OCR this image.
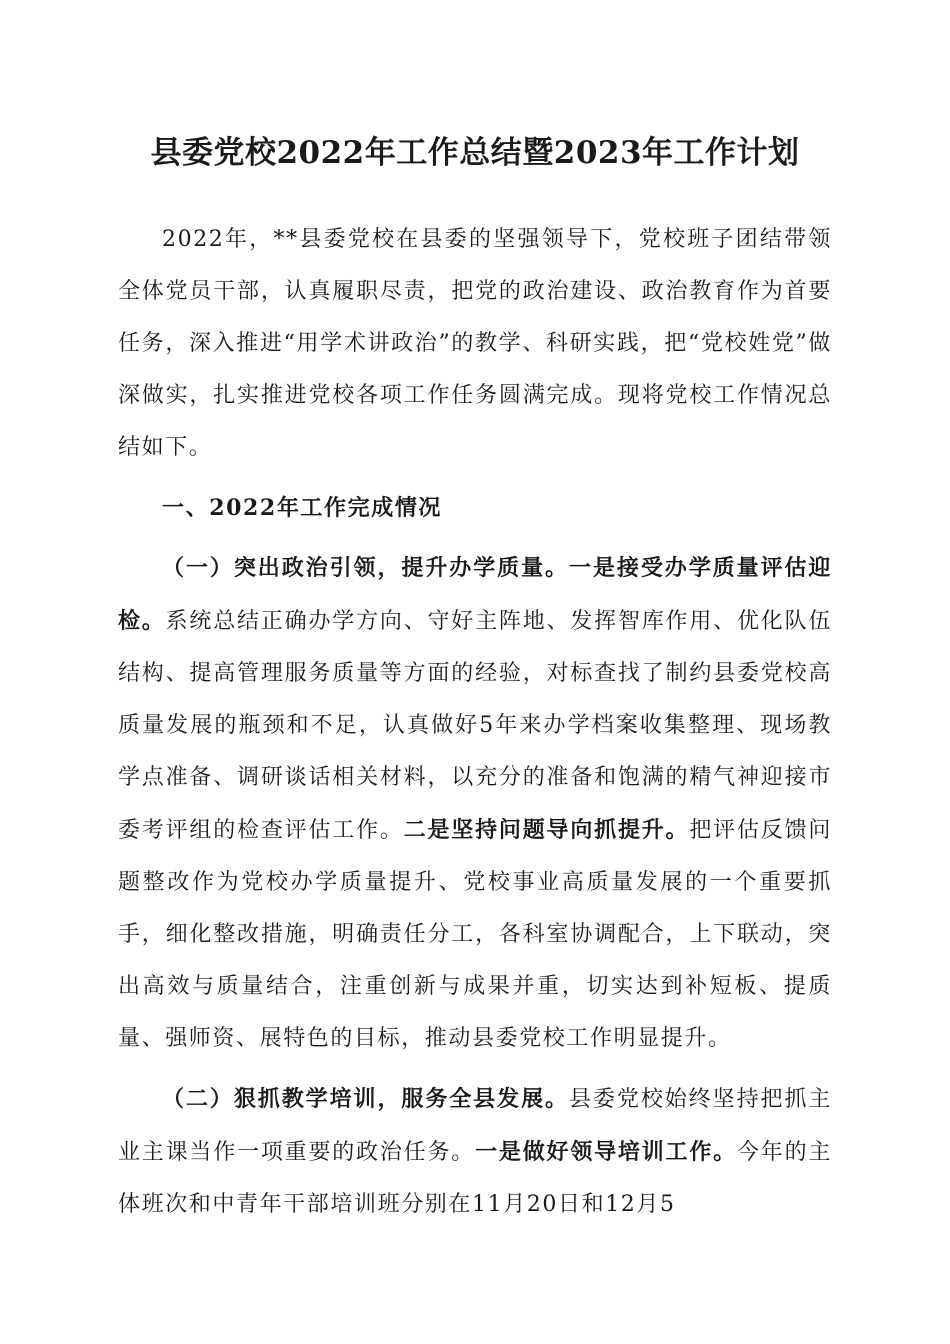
县委党校2022年工作总结暨2023年工作计划

2022年，**县委党校在县委的坚强领导下，党校班子团结带领全体党员干部，认真履职尽责，把党的政治建设、政治教育作为首要任务，深入推进“用学术讲政治”的教学、科研实践，把“党校姓党”做深做实，扎实推进党校各项工作任务圆满完成。现将党校工作情况总结如下。

一、2022年工作完成情况

（一）突出政治引领，提升办学质量。一是接受办学质量评估迎检。系统总结正确办学方向、守好主阵地、发挥智库作用、优化队伍结构、提高管理服务质量等方面的经验，对标查找了制约县委党校高质量发展的瓶颈和不足，认真做好5年来办学档案收集整理、现场教学点准备、调研谈话相关材料，以充分的准备和饱满的精气神迎接市委考评组的检查评估工作。二是坚持问题导向抓提升。把评估反馈问题整改作为党校办学质量提升、党校事业高质量发展的一个重要抓手，细化整改措施，明确责任分工，各科室协调配合，上下联动，突出高效与质量结合，注重创新与成果并重，切实达到补短板、提质量、强师资、展特色的目标，推动县委党校工作明显提升。

（二）狠抓教学培训，服务全县发展。县委党校始终坚持把抓主业主课当作一项重要的政治任务。一是做好领导培训工作。今年的主体班次和中青年干部培训班分别在11月20日和12月5
